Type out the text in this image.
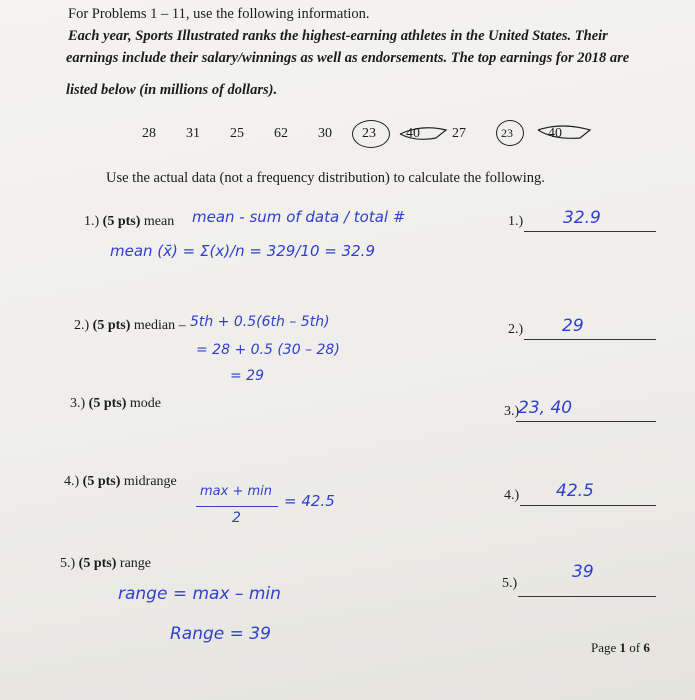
For Problems 1 – 11, use the following information.
Each year, Sports Illustrated ranks the highest-earning athletes in the United States. Their
earnings include their salary/winnings as well as endorsements. The top earnings for 2018 are
listed below (in millions of dollars).
28 31 25 62 30 23 40 27	23	40
Use the actual data (not a frequency distribution) to calculate the following.
1.) (5 pts) mean mean - sum of data / total #
mean (x̄) = Σ(x)/n = 329/10 = 32.9
1.) 32.9
2.) (5 pts) median – 5th + 0.5(6th – 5th)
= 28 + 0.5 (30 – 28)
= 29
2.) 29
3.) (5 pts) mode
3.)
23, 40
4.) (5 pts) midrange
max + min
2
= 42.5	4.) 42.5
5.) (5 pts) range
range = max – min
Range = 39
5.)
39
Page 1 of 6
